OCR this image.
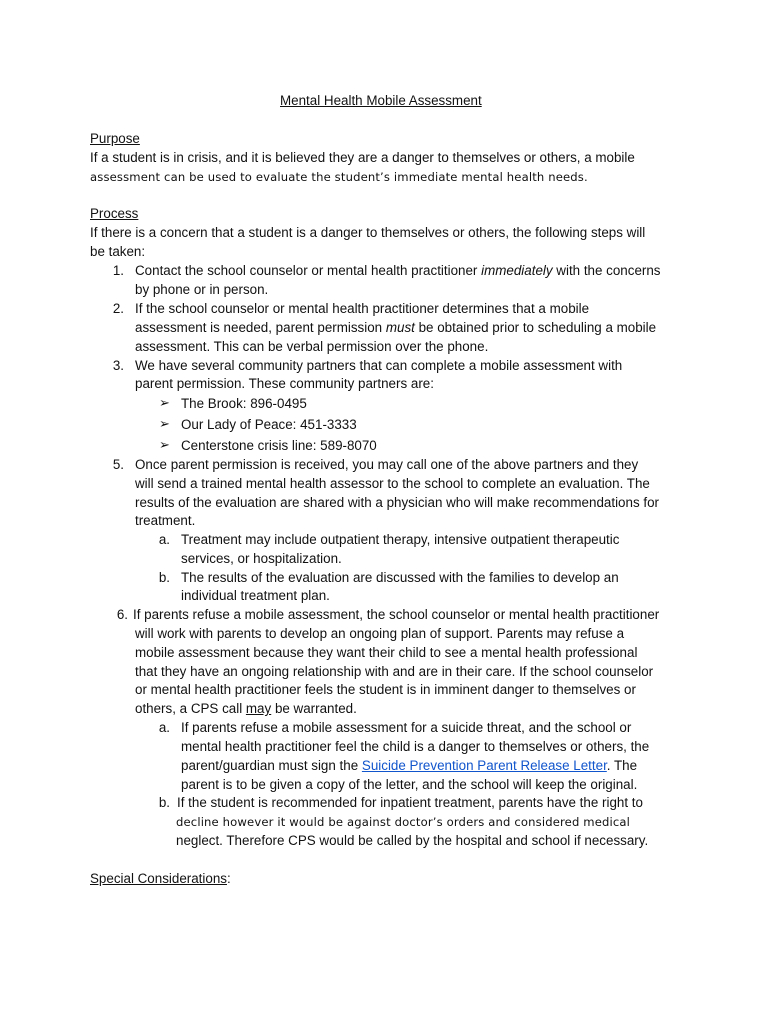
Mental Health Mobile Assessment
Purpose
If a student is in crisis, and it is believed they are a danger to themselves or others, a mobile
assessment can be used to evaluate the student’s immediate mental health needs.
Process
If there is a concern that a student is a danger to themselves or others, the following steps will
be taken:
1. Contact the school counselor or mental health practitioner immediately with the concerns
by phone or in person.
2. If the school counselor or mental health practitioner determines that a mobile
assessment is needed, parent permission must be obtained prior to scheduling a mobile
assessment. This can be verbal permission over the phone.
3. We have several community partners that can complete a mobile assessment with
parent permission. These community partners are:
➢ The Brook: 896-0495
➢ Our Lady of Peace: 451-3333
➢ Centerstone crisis line: 589-8070
5. Once parent permission is received, you may call one of the above partners and they
will send a trained mental health assessor to the school to complete an evaluation. The
results of the evaluation are shared with a physician who will make recommendations for
treatment.
a. Treatment may include outpatient therapy, intensive outpatient therapeutic
services, or hospitalization.
b. The results of the evaluation are discussed with the families to develop an
individual treatment plan.
6. If parents refuse a mobile assessment, the school counselor or mental health practitioner
will work with parents to develop an ongoing plan of support. Parents may refuse a
mobile assessment because they want their child to see a mental health professional
that they have an ongoing relationship with and are in their care. If the school counselor
or mental health practitioner feels the student is in imminent danger to themselves or
others, a CPS call may be warranted.
a. If parents refuse a mobile assessment for a suicide threat, and the school or
mental health practitioner feel the child is a danger to themselves or others, the
parent/guardian must sign the Suicide Prevention Parent Release Letter. The
parent is to be given a copy of the letter, and the school will keep the original.
b. If the student is recommended for inpatient treatment, parents have the right to
decline however it would be against doctor’s orders and considered medical
neglect. Therefore CPS would be called by the hospital and school if necessary.
Special Considerations:
